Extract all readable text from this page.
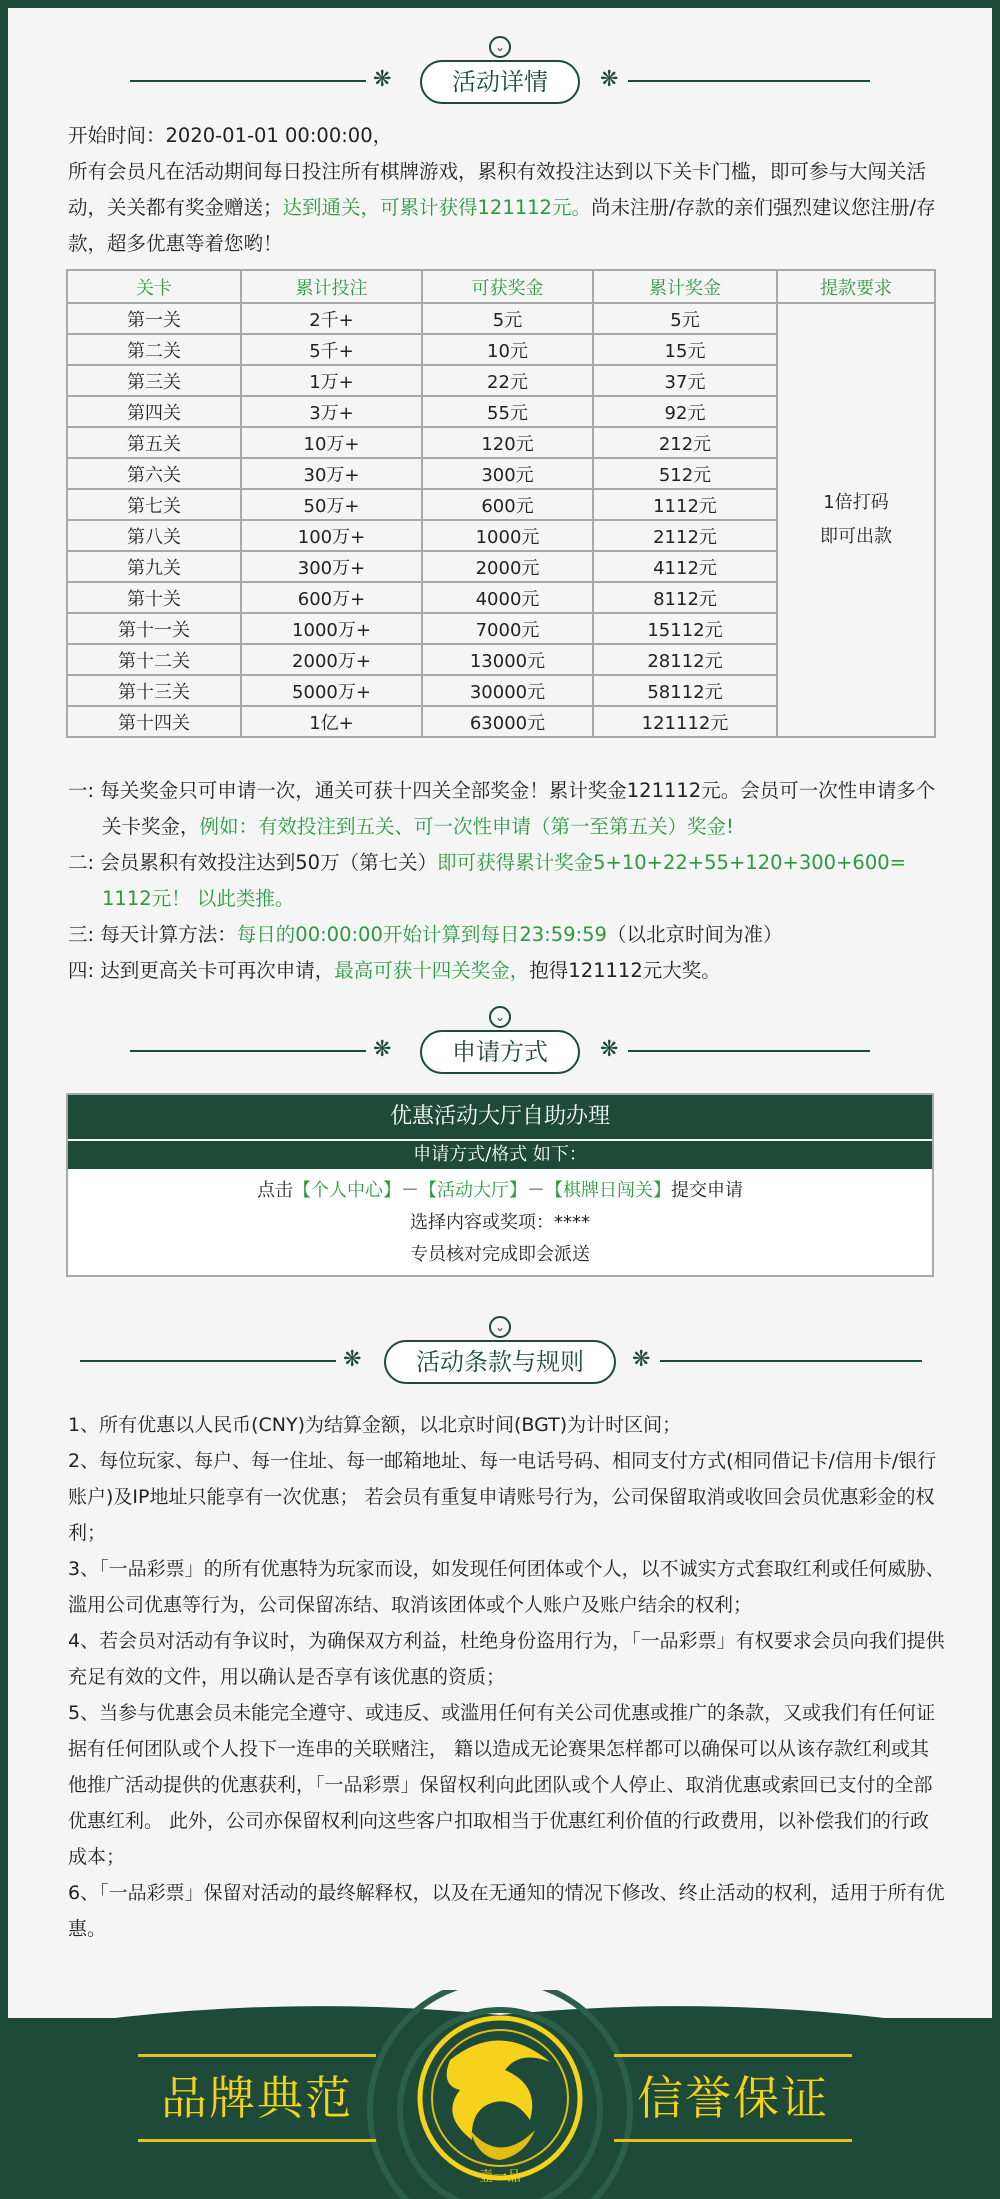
⌄
❋	❋
活动详情
开始时间：2020-01-01 00:00:00，
所有会员凡在活动期间每日投注所有棋牌游戏，累积有效投注达到以下关卡门槛，即可参与大闯关活动，关关都有奖金赠送；达到通关，可累计获得121112元。尚未注册/存款的亲们强烈建议您注册/存款，超多优惠等着您哟！
关卡	累计投注	可获奖金	累计奖金	提款要求
第一关	2千+	5元	5元	1倍打码
即可出款

第二关	5千+	10元	15元	
第三关	1万+	22元	37元	
第四关	3万+	55元	92元	
第五关	10万+	120元	212元	
第六关	30万+	300元	512元	
第七关	50万+	600元	1112元	
第八关	100万+	1000元	2112元	
第九关	300万+	2000元	4112元	
第十关	600万+	4000元	8112元	
第十一关	1000万+	7000元	15112元	
第十二关	2000万+	13000元	28112元	
第十三关	5000万+	30000元	58112元	
第十四关	1亿+	63000元	121112元	
一: 每关奖金只可申请一次，通关可获十四关全部奖金！累计奖金121112元。会员可一次性申请多个关卡奖金，例如：有效投注到五关、可一次性申请（第一至第五关）奖金!
二: 会员累积有效投注达到50万（第七关）即可获得累计奖金5+10+22+55+120+300+600= 1112元！ 以此类推。
三: 每天计算方法：每日的00:00:00开始计算到每日23:59:59（以北京时间为准）
四: 达到更高关卡可再次申请，最高可获十四关奖金，抱得121112元大奖。
⌄
❋	❋
申请方式
优惠活动大厅自助办理
申请方式/格式 如下：
点击【个人中心】－【活动大厅】－【棋牌日闯关】提交申请
选择内容或奖项：****
专员核对完成即会派送
⌄
❋	❋
活动条款与规则
1、所有优惠以人民币(CNY)为结算金额，以北京时间(BGT)为计时区间；
2、每位玩家、每户、每一住址、每一邮箱地址、每一电话号码、相同支付方式(相同借记卡/信用卡/银行账户)及IP地址只能享有一次优惠； 若会员有重复申请账号行为，公司保留取消或收回会员优惠彩金的权利；
3、「一品彩票」的所有优惠特为玩家而设，如发现任何团体或个人，以不诚实方式套取红利或任何威胁、滥用公司优惠等行为，公司保留冻结、取消该团体或个人账户及账户结余的权利；
4、若会员对活动有争议时，为确保双方利益，杜绝身份盗用行为，「一品彩票」有权要求会员向我们提供充足有效的文件，用以确认是否享有该优惠的资质；
5、当参与优惠会员未能完全遵守、或违反、或滥用任何有关公司优惠或推广的条款，又或我们有任何证据有任何团队或个人投下一连串的关联赌注， 籍以造成无论赛果怎样都可以确保可以从该存款红利或其他推广活动提供的优惠获利，「一品彩票」保留权利向此团队或个人停止、取消优惠或索回已支付的全部优惠红利。 此外，公司亦保留权利向这些客户扣取相当于优惠红利价值的行政费用，以补偿我们的行政成本；
6、「一品彩票」保留对活动的最终解释权，以及在无通知的情况下修改、终止活动的权利，适用于所有优惠。
壹一品
品牌典范	信誉保证
